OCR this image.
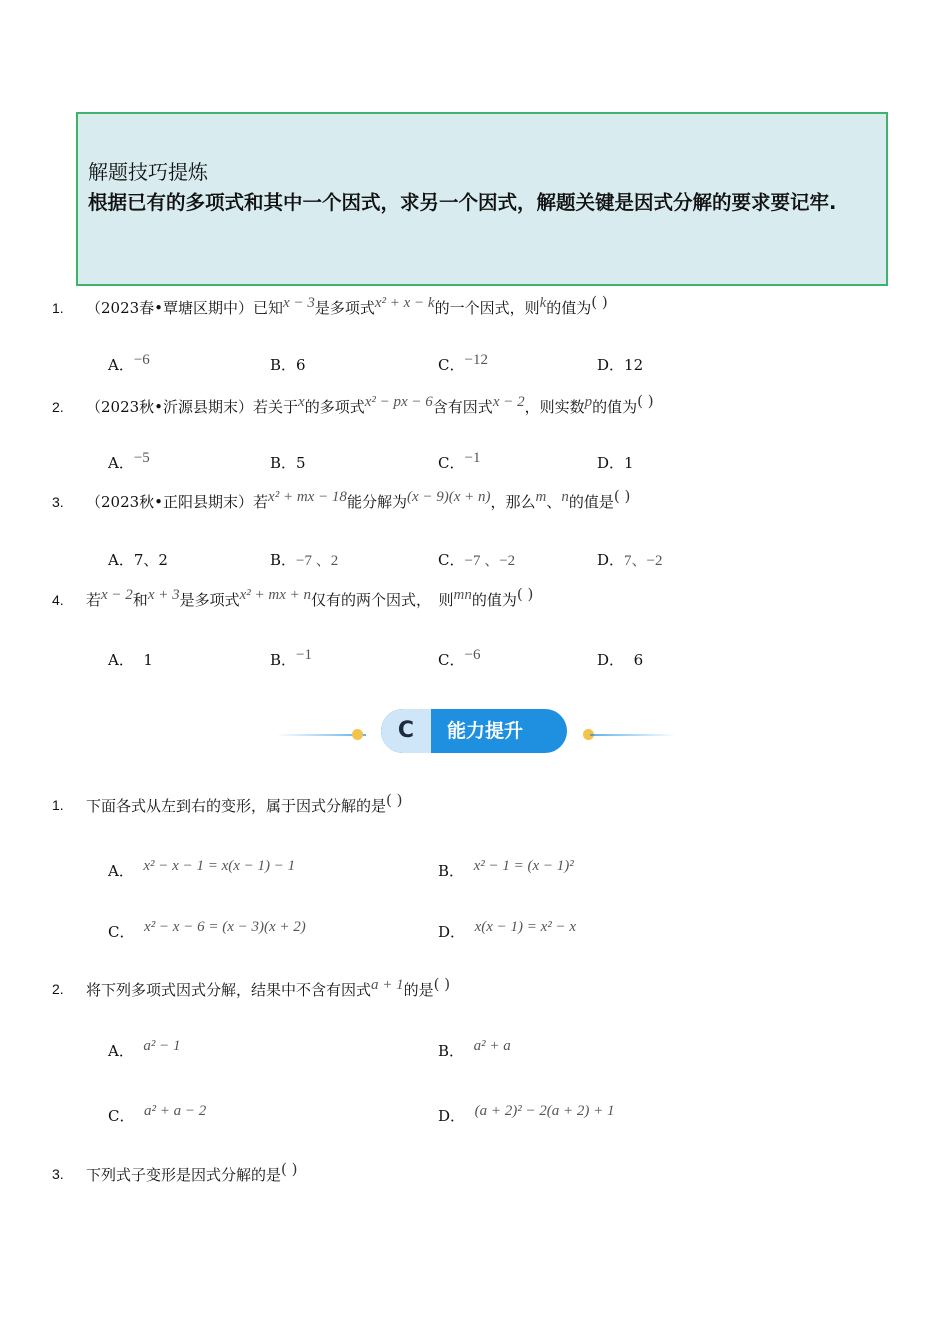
解题技巧提炼
根据已有的多项式和其中一个因式，求另一个因式，解题关键是因式分解的要求要记牢.
1. （2023春•覃塘区期中）已知x − 3是多项式x² + x − k的一个因式，则k的值为( )
A．−6	B．6	C．−12	D．12
2. （2023秋•沂源县期末）若关于x的多项式x² − px − 6含有因式x − 2，则实数p的值为( )
A．−5	B．5	C．−1	D．1
3. （2023秋•正阳县期末）若x² + mx − 18能分解为(x − 9)(x + n)，那么m、n的值是( )
A．7、2	B．−7 、2	C．−7 、−2	D．7、−2
4. 若x − 2和x + 3是多项式x² + mx + n仅有的两个因式，　则mn的值为( )
A． 1	B．−1	C．−6	D． 6
C	能力提升
1. 下面各式从左到右的变形，属于因式分解的是( )
A． x² − x − 1 = x(x − 1) − 1	B． x² − 1 = (x − 1)²
C． x² − x − 6 = (x − 3)(x + 2)	D． x(x − 1) = x² − x
2. 将下列多项式因式分解，结果中不含有因式a + 1的是( )
A． a² − 1	B． a² + a
C． a² + a − 2	D． (a + 2)² − 2(a + 2) + 1
3. 下列式子变形是因式分解的是( )
